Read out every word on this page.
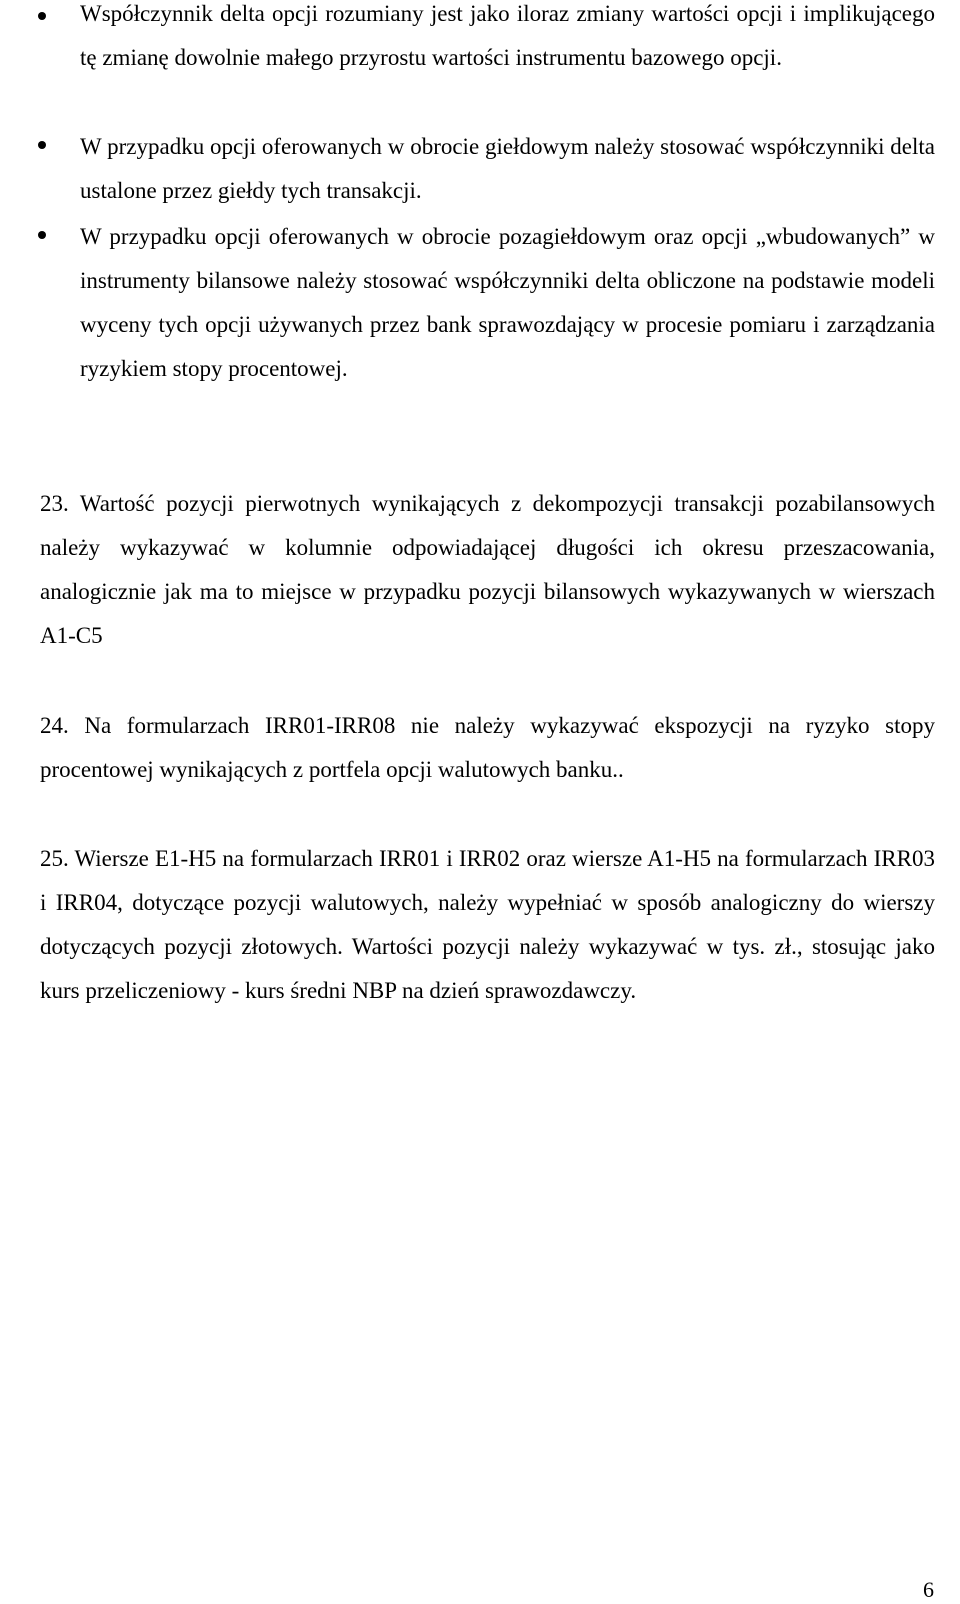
Współczynnik delta opcji rozumiany jest jako iloraz zmiany wartości opcji i implikującego tę zmianę dowolnie małego przyrostu wartości instrumentu bazowego opcji.

W przypadku opcji oferowanych w obrocie giełdowym należy stosować współczynniki delta ustalone przez giełdy tych transakcji.

W przypadku opcji oferowanych w obrocie pozagiełdowym oraz opcji „wbudowanych” w instrumenty bilansowe należy stosować współczynniki delta obliczone na podstawie modeli wyceny tych opcji używanych przez bank sprawozdający w procesie pomiaru i zarządzania ryzykiem stopy procentowej.

23. Wartość pozycji pierwotnych wynikających z dekompozycji transakcji pozabilansowych należy wykazywać w kolumnie odpowiadającej długości ich okresu przeszacowania, analogicznie jak ma to miejsce w przypadku pozycji bilansowych wykazywanych w wierszach A1-C5

24. Na formularzach IRR01-IRR08 nie należy wykazywać ekspozycji na ryzyko stopy procentowej wynikających z portfela opcji walutowych banku..

25. Wiersze E1-H5 na formularzach IRR01 i IRR02 oraz wiersze A1-H5 na formularzach IRR03 i IRR04, dotyczące pozycji walutowych, należy wypełniać w sposób analogiczny do wierszy dotyczących pozycji złotowych. Wartości pozycji należy wykazywać w tys. zł., stosując jako kurs przeliczeniowy - kurs średni NBP na dzień sprawozdawczy.

6
